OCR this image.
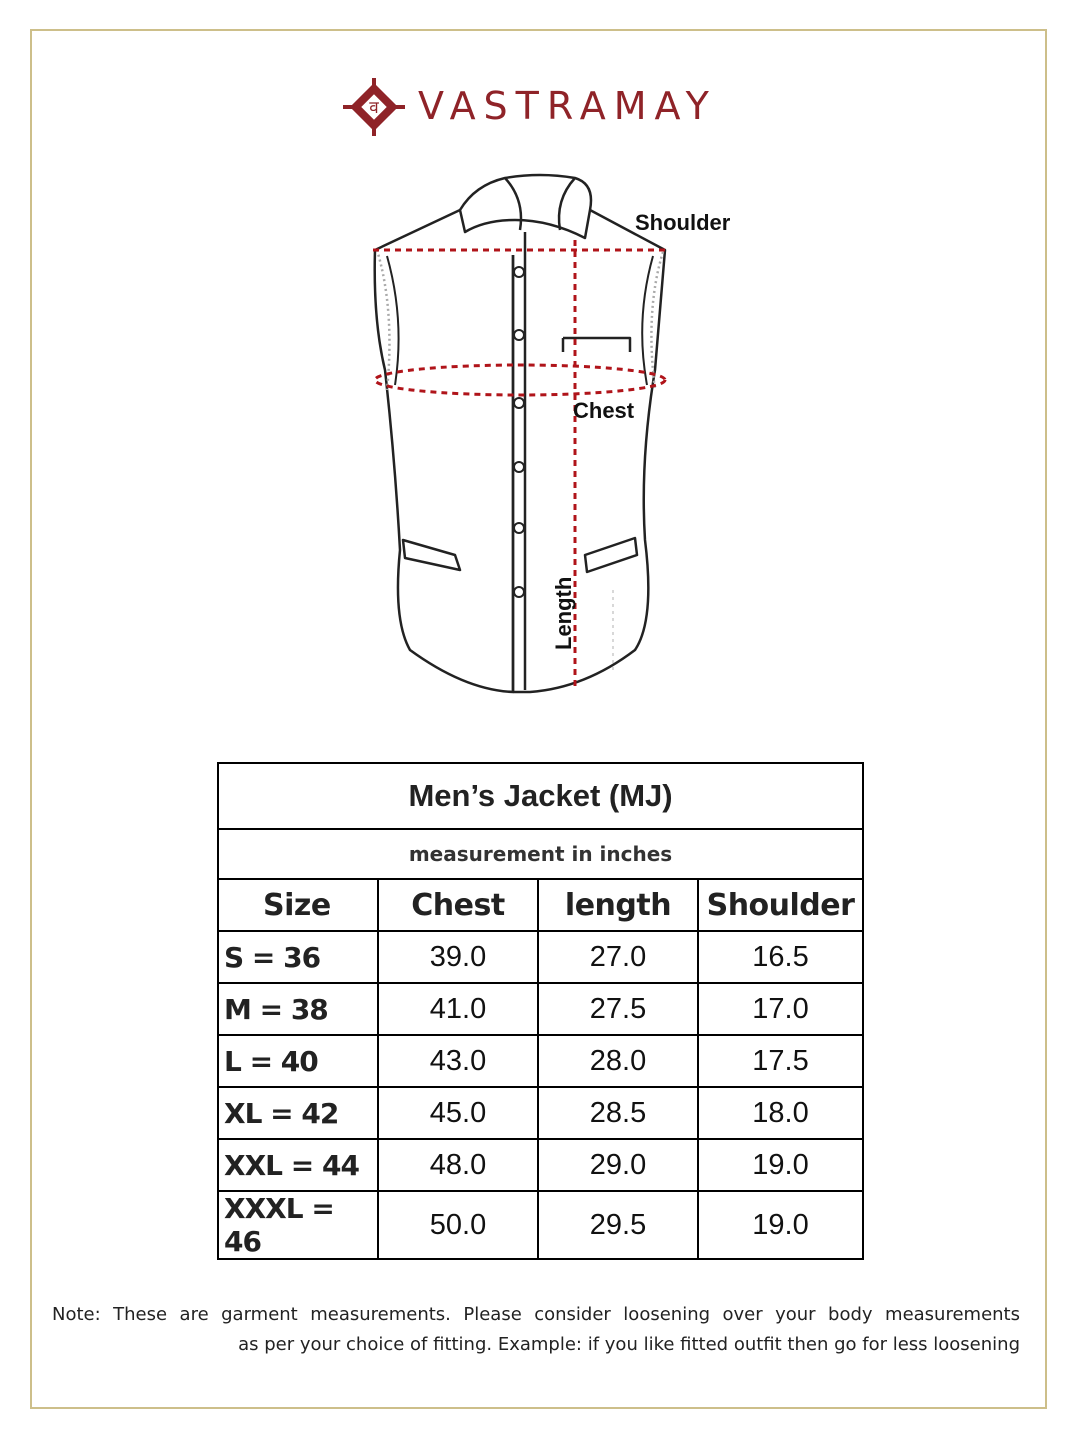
व VASTRAMAY
Shoulder
Chest
Length
Men’s Jacket (MJ)			
measurement in inches			
Size	Chest	length	Shoulder
S = 36	39.0	27.0	16.5
M = 38	41.0	27.5	17.0
L = 40	43.0	28.0	17.5
XL = 42	45.0	28.5	18.0
XXL = 44	48.0	29.0	19.0
XXXL = 46	50.0	29.5	19.0
Note: These are garment measurements. Please consider loosening over your body measurements
as per your choice of fitting. Example: if you like fitted outfit then go for less loosening
